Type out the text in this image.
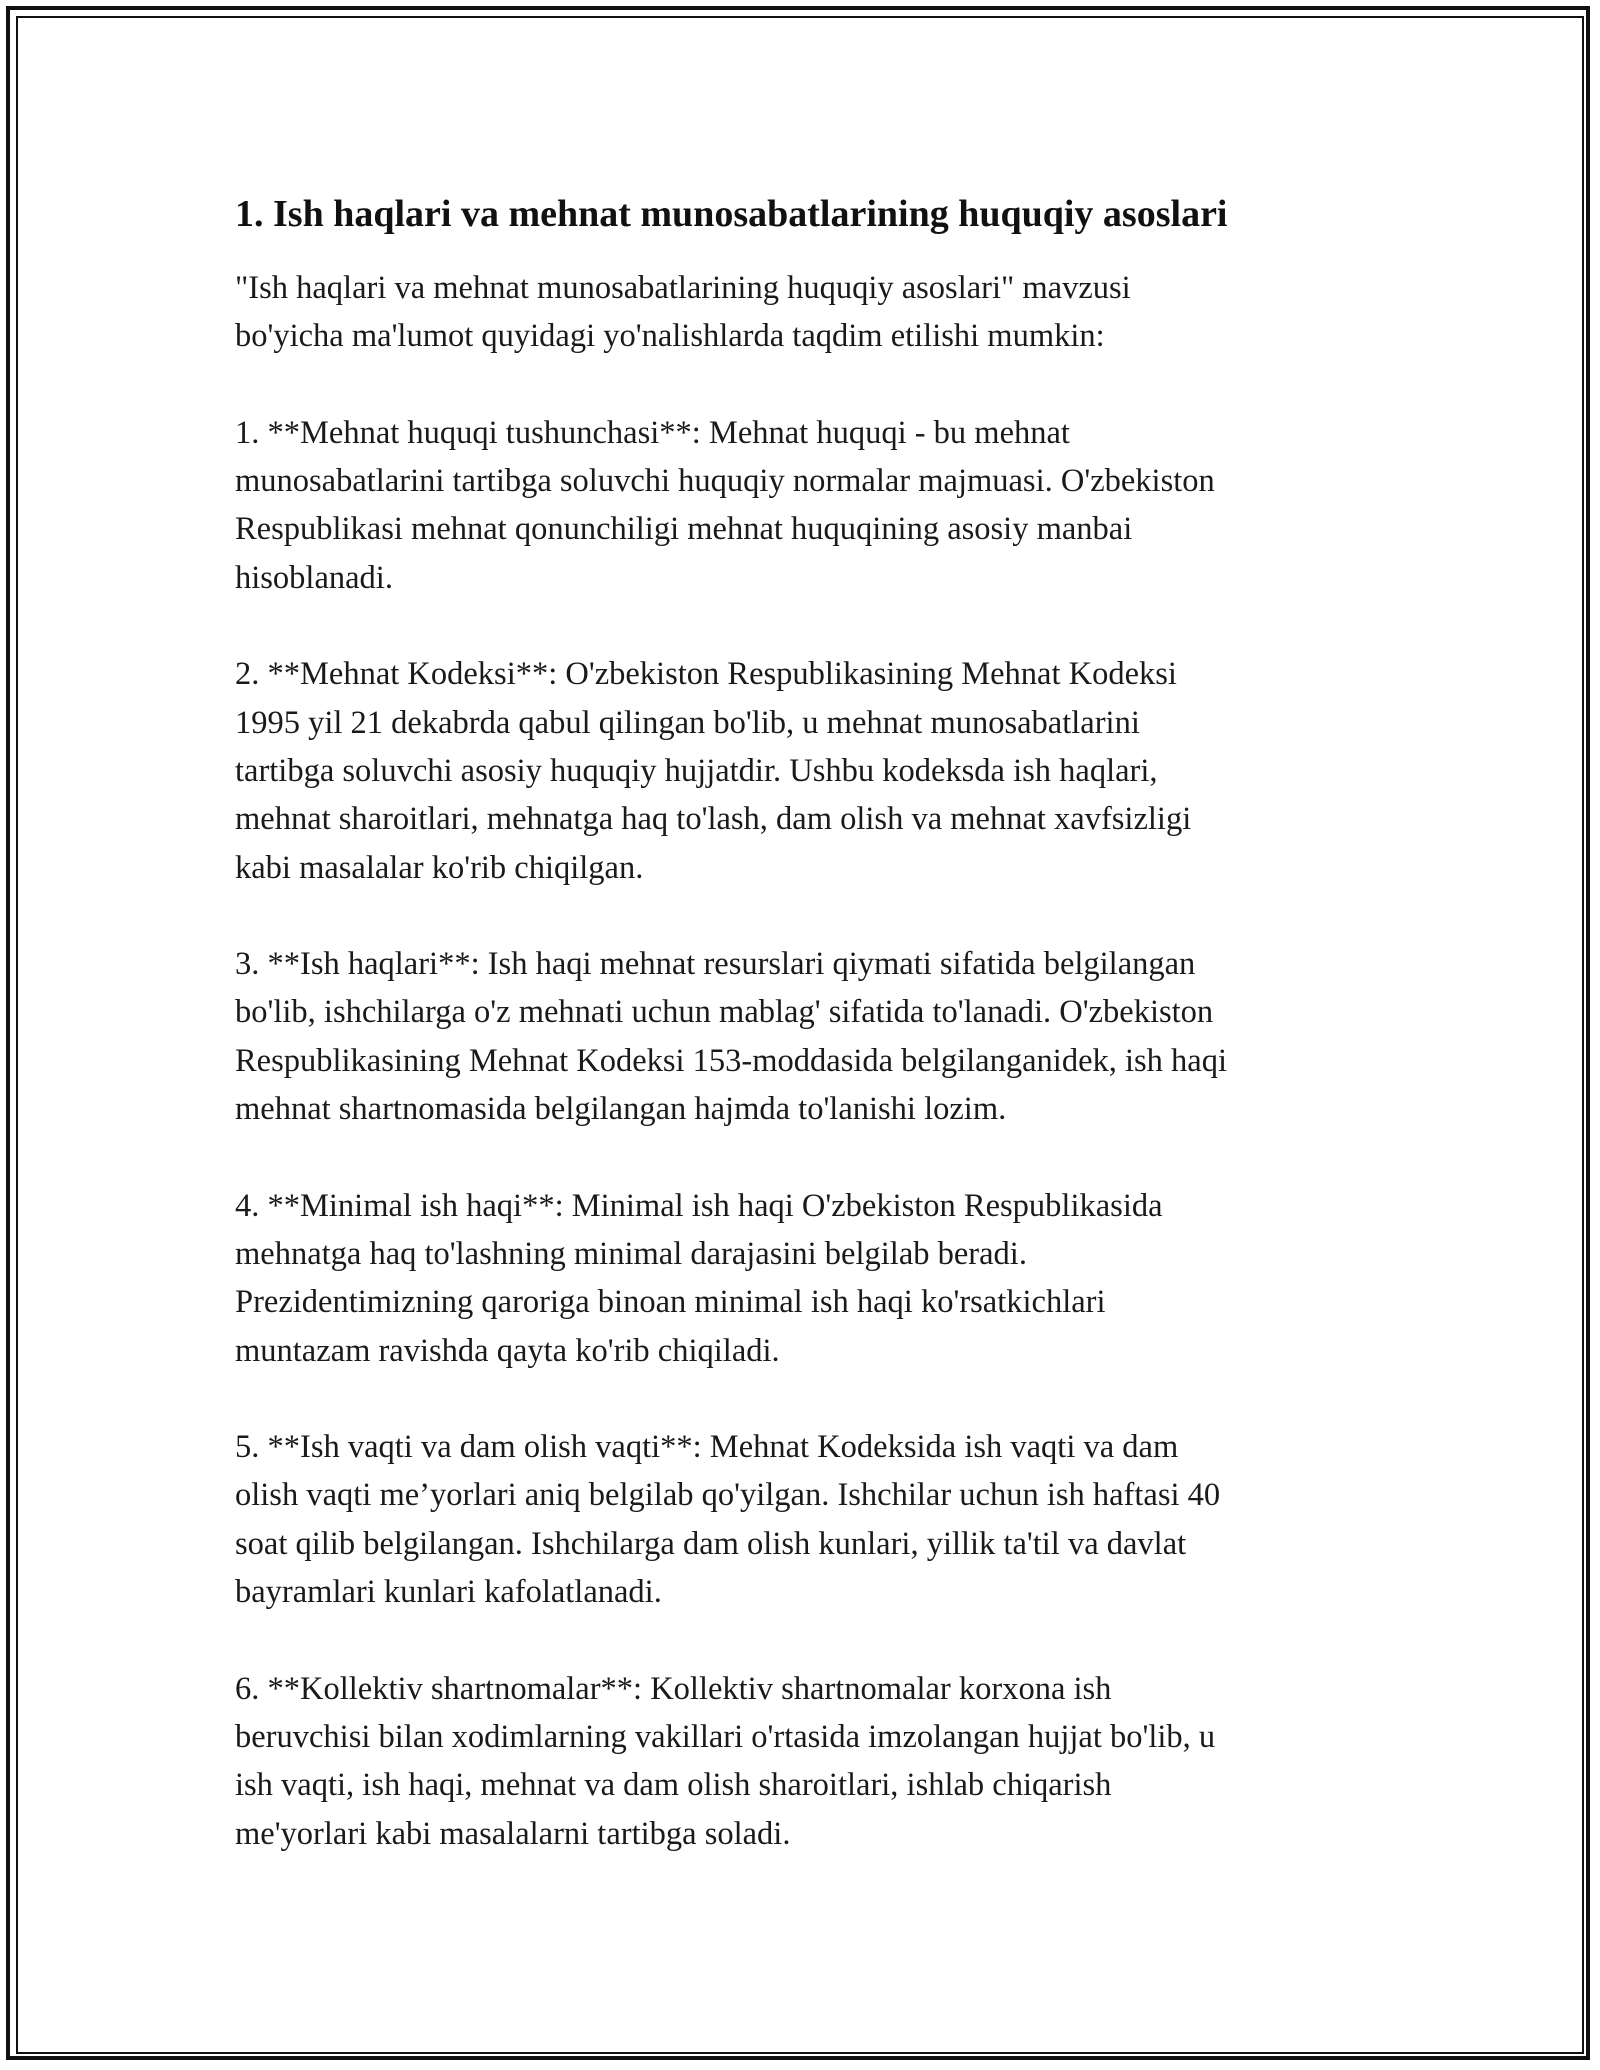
1. Ish haqlari va mehnat munosabatlarining huquqiy asoslari

"Ish haqlari va mehnat munosabatlarining huquqiy asoslari" mavzusi
bo'yicha ma'lumot quyidagi yo'nalishlarda taqdim etilishi mumkin:

1. **Mehnat huquqi tushunchasi**: Mehnat huquqi - bu mehnat
munosabatlarini tartibga soluvchi huquqiy normalar majmuasi. O'zbekiston
Respublikasi mehnat qonunchiligi mehnat huquqining asosiy manbai
hisoblanadi.

2. **Mehnat Kodeksi**: O'zbekiston Respublikasining Mehnat Kodeksi
1995 yil 21 dekabrda qabul qilingan bo'lib, u mehnat munosabatlarini
tartibga soluvchi asosiy huquqiy hujjatdir. Ushbu kodeksda ish haqlari,
mehnat sharoitlari, mehnatga haq to'lash, dam olish va mehnat xavfsizligi
kabi masalalar ko'rib chiqilgan.

3. **Ish haqlari**: Ish haqi mehnat resurslari qiymati sifatida belgilangan
bo'lib, ishchilarga o'z mehnati uchun mablag' sifatida to'lanadi. O'zbekiston
Respublikasining Mehnat Kodeksi 153-moddasida belgilanganidek, ish haqi
mehnat shartnomasida belgilangan hajmda to'lanishi lozim.

4. **Minimal ish haqi**: Minimal ish haqi O'zbekiston Respublikasida
mehnatga haq to'lashning minimal darajasini belgilab beradi.
Prezidentimizning qaroriga binoan minimal ish haqi ko'rsatkichlari
muntazam ravishda qayta ko'rib chiqiladi.

5. **Ish vaqti va dam olish vaqti**: Mehnat Kodeksida ish vaqti va dam
olish vaqti me’yorlari aniq belgilab qo'yilgan. Ishchilar uchun ish haftasi 40
soat qilib belgilangan. Ishchilarga dam olish kunlari, yillik ta'til va davlat
bayramlari kunlari kafolatlanadi.

6. **Kollektiv shartnomalar**: Kollektiv shartnomalar korxona ish
beruvchisi bilan xodimlarning vakillari o'rtasida imzolangan hujjat bo'lib, u
ish vaqti, ish haqi, mehnat va dam olish sharoitlari, ishlab chiqarish
me'yorlari kabi masalalarni tartibga soladi.
